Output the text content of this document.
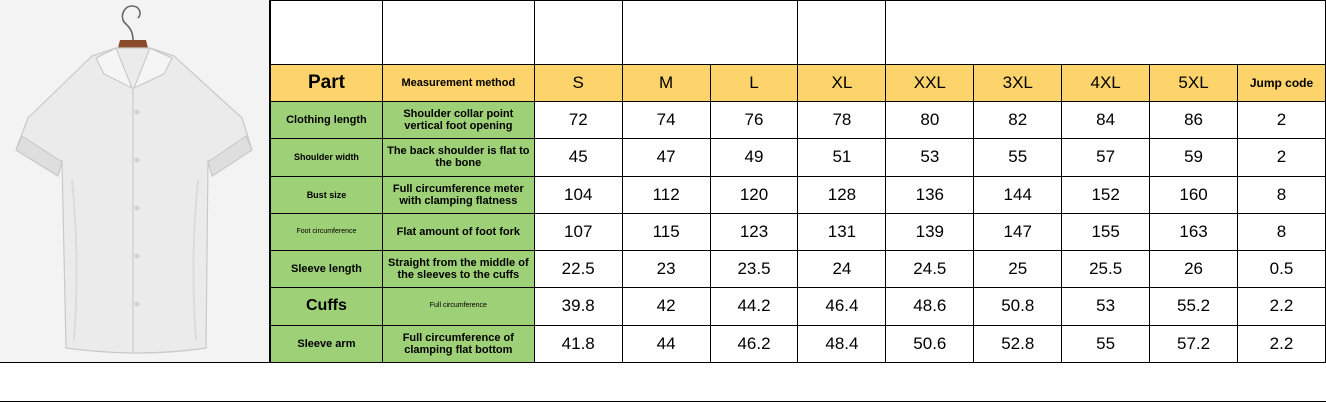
Part	Measurement method	S	M	L	XL	XXL	3XL	4XL	5XL	Jump code
Clothing length	Shoulder collar point vertical foot opening	72	74	76	78	80	82	84	86	2
Shoulder width	The back shoulder is flat to the bone	45	47	49	51	53	55	57	59	2
Bust size	Full circumference meter with clamping flatness	104	112	120	128	136	144	152	160	8
Foot circumference	Flat amount of foot fork	107	115	123	131	139	147	155	163	8
Sleeve length	Straight from the middle of the sleeves to the cuffs	22.5	23	23.5	24	24.5	25	25.5	26	0.5
Cuffs	Full circumference	39.8	42	44.2	46.4	48.6	50.8	53	55.2	2.2
Sleeve arm	Full circumference of clamping flat bottom	41.8	44	46.2	48.4	50.6	52.8	55	57.2	2.2
